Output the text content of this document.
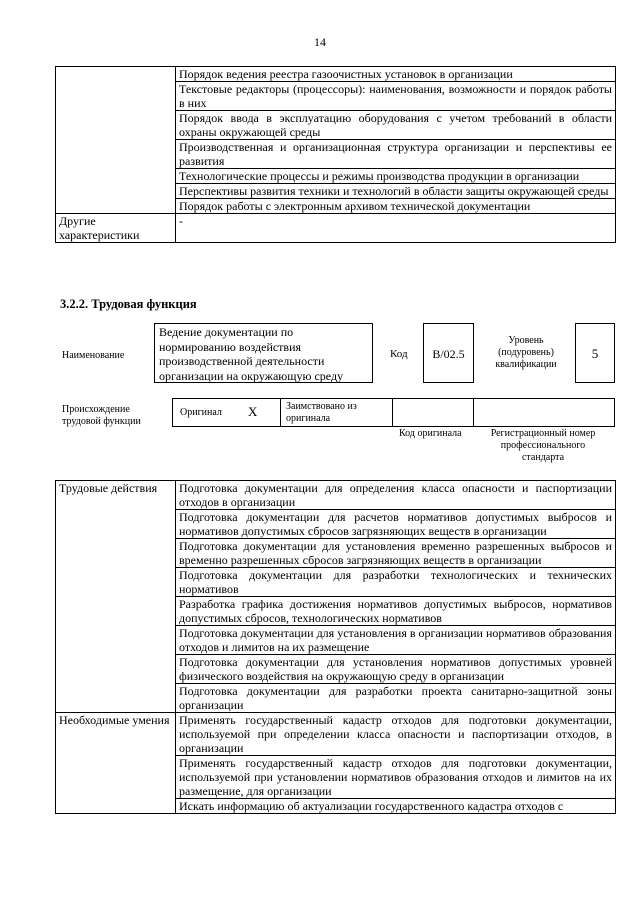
14
	Порядок ведения реестра газоочистных установок в организации
	Текстовые редакторы (процессоры): наименования, возможности и порядок работы в них
	Порядок ввода в эксплуатацию оборудования с учетом требований в области охраны окружающей среды
	Производственная и организационная структура организации и перспективы ее развития
	Технологические процессы и режимы производства продукции в организации
	Перспективы развития техники и технологий в области защиты окружающей среды
	Порядок работы с электронным архивом технической документации
Другие характеристики	-
3.2.2. Трудовая функция
Наименование
Ведение документации по нормированию воздействия производственной деятельности организации на окружающую среду
Код	B/02.5
Уровень (подуровень) квалификации
5
Происхождение трудовой функции
Оригинал X	Заимствовано из оригинала
Код оригинала	Регистрационный номер профессионального стандарта
Трудовые действия	Подготовка документации для определения класса опасности и паспортизации отходов в организации
	Подготовка документации для расчетов нормативов допустимых выбросов и нормативов допустимых сбросов загрязняющих веществ в организации
	Подготовка документации для установления временно разрешенных выбросов и временно разрешенных сбросов загрязняющих веществ в организации
	Подготовка документации для разработки технологических и технических нормативов
	Разработка графика достижения нормативов допустимых выбросов, нормативов допустимых сбросов, технологических нормативов
	Подготовка документации для установления в организации нормативов образования отходов и лимитов на их размещение
	Подготовка документации для установления нормативов допустимых уровней физического воздействия на окружающую среду в организации
	Подготовка документации для разработки проекта санитарно-защитной зоны организации
Необходимые умения	Применять государственный кадастр отходов для подготовки документации, используемой при определении класса опасности и паспортизации отходов, в организации
	Применять государственный кадастр отходов для подготовки документации, используемой при установлении нормативов образования отходов и лимитов на их размещение, для организации
	Искать информацию об актуализации государственного кадастра отходов с
